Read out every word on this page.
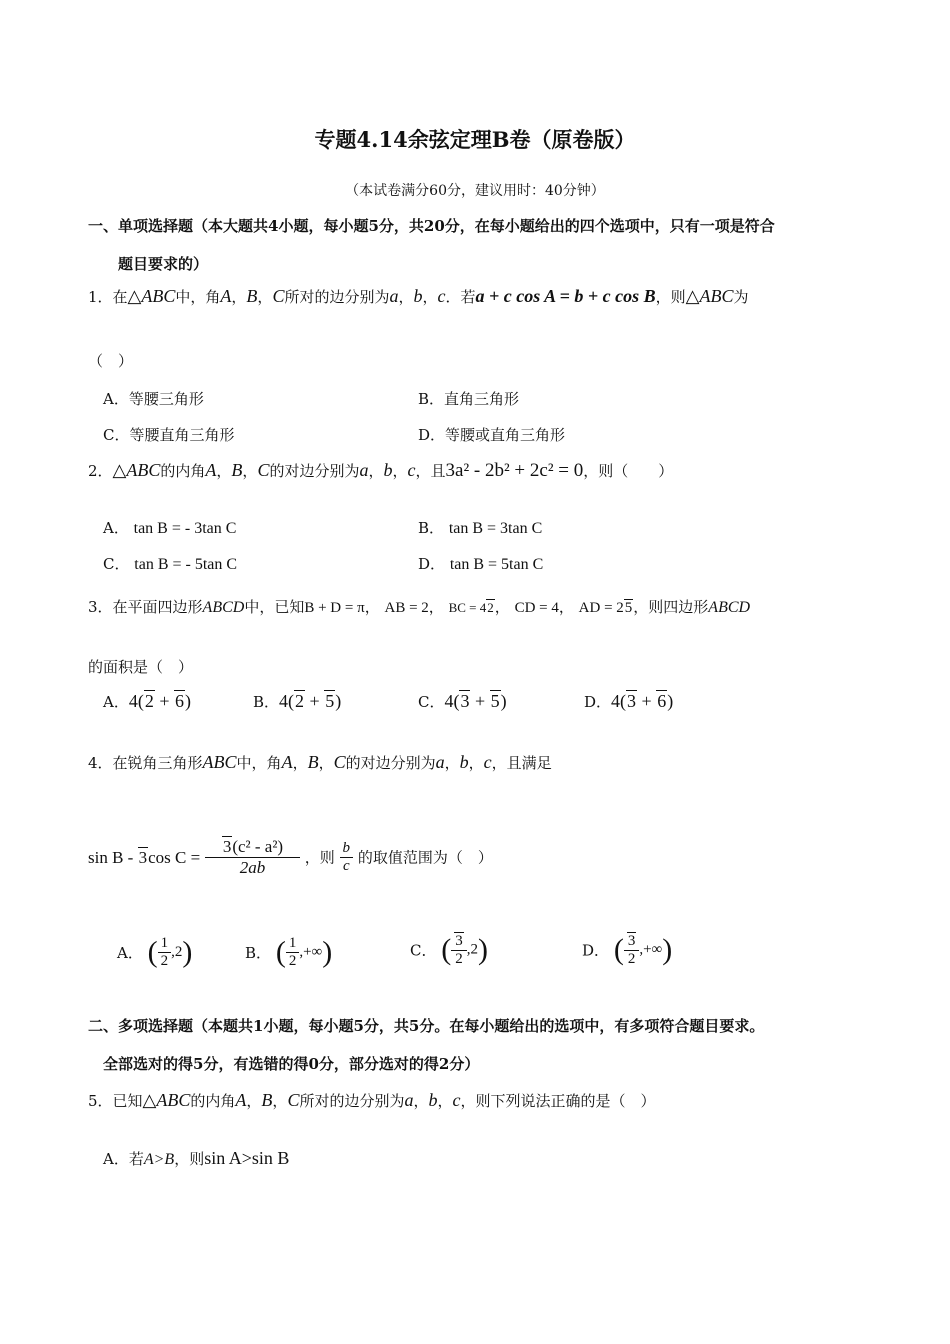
专题4.14余弦定理B卷（原卷版）
（本试卷满分60分，建议用时：40分钟）
一、单项选择题（本大题共4小题，每小题5分，共20分，在每小题给出的四个选项中，只有一项是符合
题目要求的）
1．在△ABC中，角A，B，C所对的边分别为a，b，c．若a + c cos A = b + c cos B，则△ABC为
（　）
A．等腰三角形	B．直角三角形
C．等腰直角三角形	D．等腰或直角三角形
2．△ABC的内角A，B，C的对边分别为a，b，c，且3a² - 2b² + 2c² = 0，则（　　）
A． tan B = - 3tan C	B． tan B = 3tan C
C． tan B = - 5tan C	D． tan B = 5tan C
3．在平面四边形ABCD中，已知B + D = π， AB = 2， BC = 42， CD = 4， AD = 25，则四边形ABCD
的面积是（　）
A．4(2 + 6)	B．4(2 + 5)	C．4(3 + 5)	D．4(3 + 6)
4．在锐角三角形ABC中，角A，B，C的对边分别为a，b，c，且满足
sin B - 3cos $C = \frac{\text{3(c² - a²)}}{2ab}$ ，则 $\frac{b}{c}$ 的取值范围为（　）
A． ( $\frac{1}{2} ,2$)	B． ( $\frac{1}{2}$ ,+∞)	C． ( $\frac{3}{2} ,2$)	D． ( $\frac{3}{2}$ ,+∞)
二、多项选择题（本题共1小题，每小题5分，共5分。在每小题给出的选项中，有多项符合题目要求。
全部选对的得5分，有选错的得0分，部分选对的得2分）
5．已知△ABC的内角A，B，C所对的边分别为a，b，c，则下列说法正确的是（　）
A．若A>B，则sin A>sin B
